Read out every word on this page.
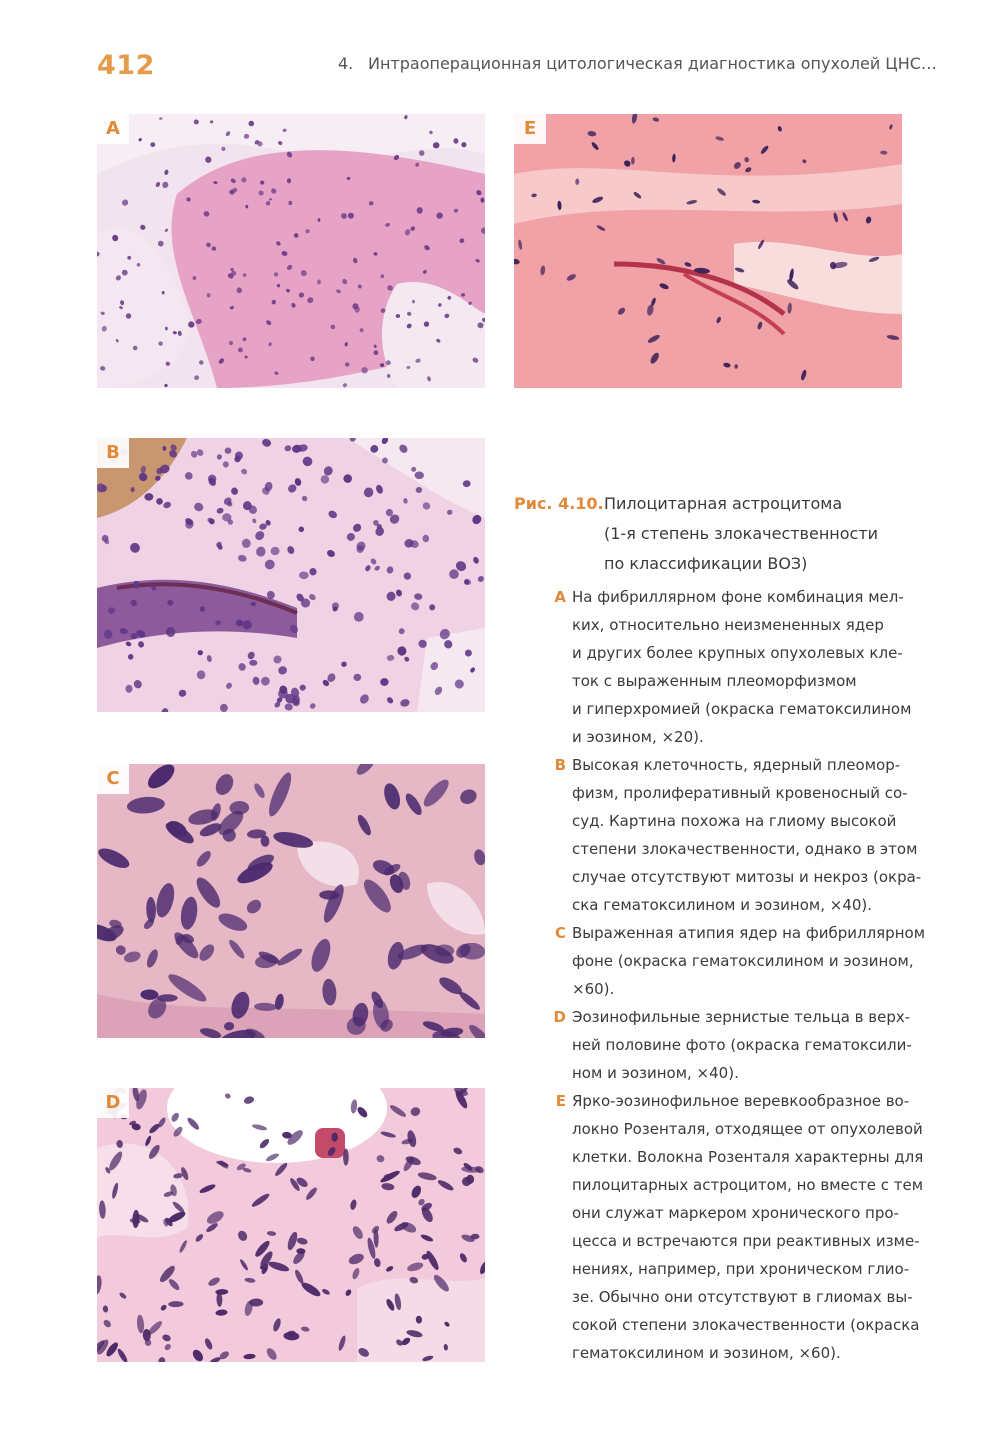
412	4. Интраоперационная цитологическая диагностика опухолей ЦНС…
A
B
C
D
E
Рис. 4.10. Пилоцитарная астроцитома
(1-я степень злокачественности
по классификации ВОЗ)
A На фибриллярном фоне комбинация мел-
ких, относительно неизмененных ядер
и других более крупных опухолевых кле-
ток с выраженным плеоморфизмом
и гиперхромией (окраска гематоксилином
и эозином, ×20).
B Высокая клеточность, ядерный плеомор-
физм, пролиферативный кровеносный со-
суд. Картина похожа на глиому высокой
степени злокачественности, однако в этом
случае отсутствуют митозы и некроз (окра-
ска гематоксилином и эозином, ×40).
C Выраженная атипия ядер на фибриллярном
фоне (окраска гематоксилином и эозином,
×60).
D Эозинофильные зернистые тельца в верх-
ней половине фото (окраска гематоксили-
ном и эозином, ×40).
E Ярко-эозинофильное веревкообразное во-
локно Розенталя, отходящее от опухолевой
клетки. Волокна Розенталя характерны для
пилоцитарных астроцитом, но вместе с тем
они служат маркером хронического про-
цесса и встречаются при реактивных изме-
нениях, например, при хроническом глио-
зе. Обычно они отсутствуют в глиомах вы-
сокой степени злокачественности (окраска
гематоксилином и эозином, ×60).
